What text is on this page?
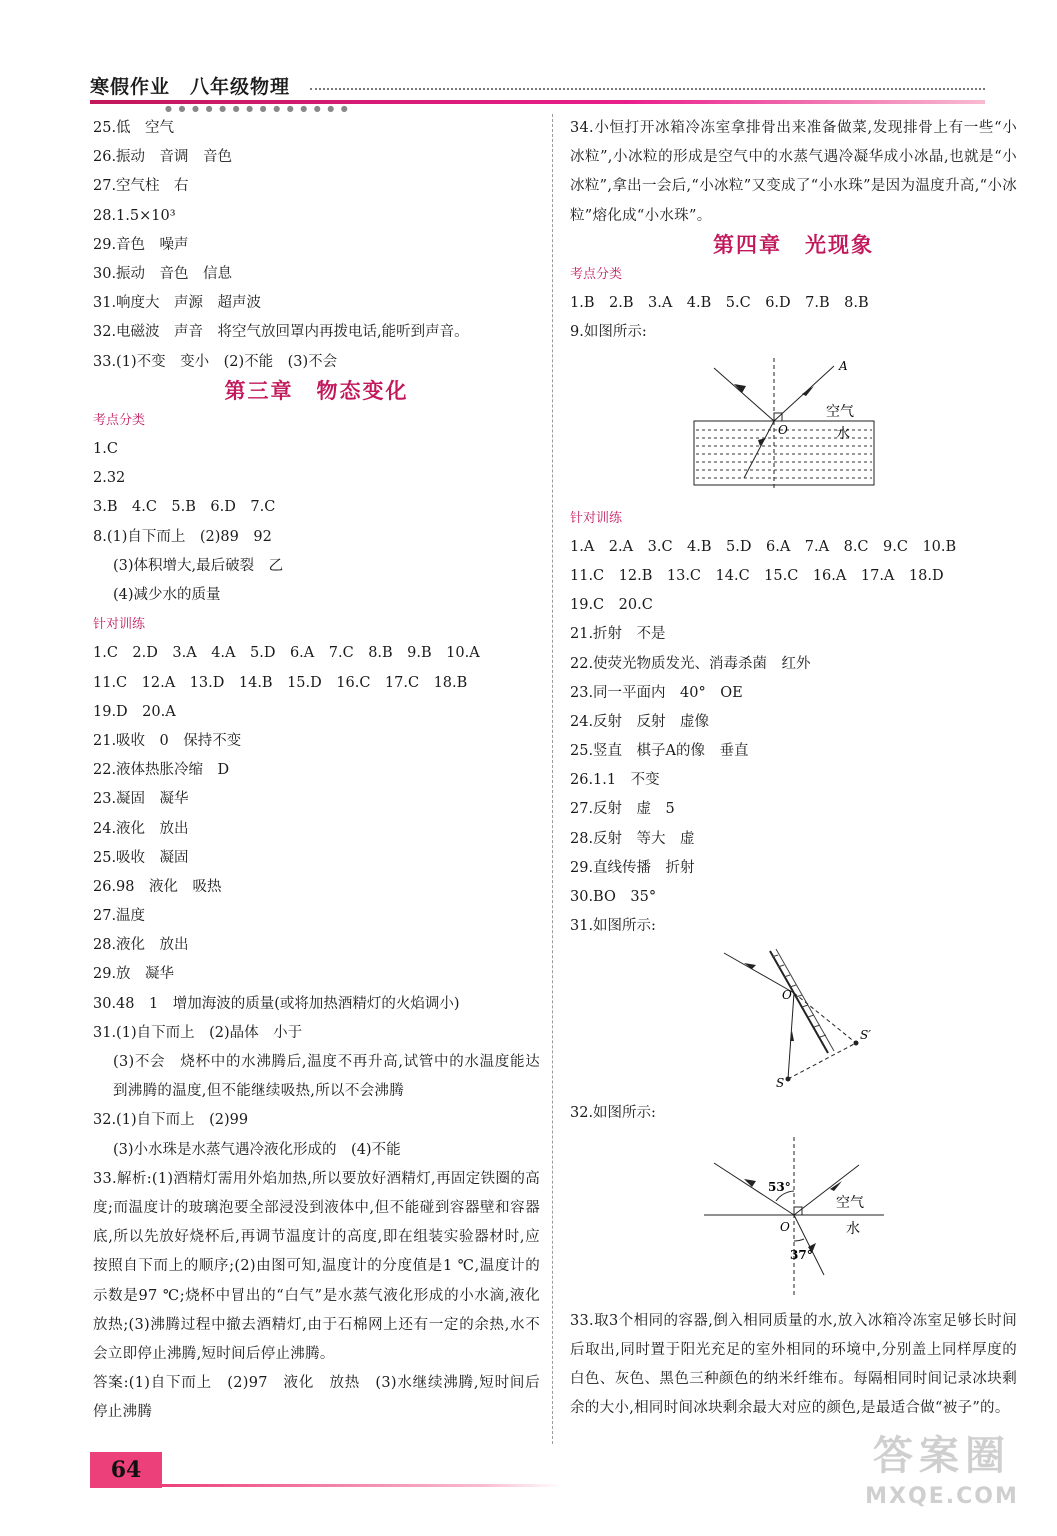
寒假作业　八年级物理
● ● ● ● ● ● ● ● ● ● ● ● ● ●
25.低　空气
26.振动　音调　音色
27.空气柱　右
28.1.5×10³
29.音色　噪声
30.振动　音色　信息
31.响度大　声源　超声波
32.电磁波　声音　将空气放回罩内再拨电话,能听到声音。
33.(1)不变　变小　(2)不能　(3)不会
第三章　物态变化
考点分类
1.C
2.32
3.B　4.C　5.B　6.D　7.C
8.(1)自下而上　(2)89　92
(3)体积增大,最后破裂　乙
(4)减少水的质量
针对训练
1.C　2.D　3.A　4.A　5.D　6.A　7.C　8.B　9.B　10.A
11.C　12.A　13.D　14.B　15.D　16.C　17.C　18.B
19.D　20.A
21.吸收　0　保持不变
22.液体热胀冷缩　D
23.凝固　凝华
24.液化　放出
25.吸收　凝固
26.98　液化　吸热
27.温度
28.液化　放出
29.放　凝华
30.48　1　增加海波的质量(或将加热酒精灯的火焰调小)
31.(1)自下而上　(2)晶体　小于
(3)不会　烧杯中的水沸腾后,温度不再升高,试管中的水温度能达到沸腾的温度,但不能继续吸热,所以不会沸腾
32.(1)自下而上　(2)99
(3)小水珠是水蒸气遇冷液化形成的　(4)不能
33.解析:(1)酒精灯需用外焰加热,所以要放好酒精灯,再固定铁圈的高度;而温度计的玻璃泡要全部浸没到液体中,但不能碰到容器壁和容器底,所以先放好烧杯后,再调节温度计的高度,即在组装实验器材时,应按照自下而上的顺序;(2)由图可知,温度计的分度值是1 ℃,温度计的示数是97 ℃;烧杯中冒出的“白气”是水蒸气液化形成的小水滴,液化放热;(3)沸腾过程中撤去酒精灯,由于石棉网上还有一定的余热,水不会立即停止沸腾,短时间后停止沸腾。
答案:(1)自下而上　(2)97　液化　放热　(3)水继续沸腾,短时间后停止沸腾
34.小恒打开冰箱冷冻室拿排骨出来准备做菜,发现排骨上有一些“小冰粒”,小冰粒的形成是空气中的水蒸气遇冷凝华成小冰晶,也就是“小冰粒”,拿出一会后,“小冰粒”又变成了“小水珠”是因为温度升高,“小冰粒”熔化成“小水珠”。
第四章　光现象
考点分类
1.B　2.B　3.A　4.B　5.C　6.D　7.B　8.B
9.如图所示:
A
O
空气
水
针对训练
1.A　2.A　3.C　4.B　5.D　6.A　7.A　8.C　9.C　10.B
11.C　12.B　13.C　14.C　15.C　16.A　17.A　18.D
19.C　20.C
21.折射　不是
22.使荧光物质发光、消毒杀菌　红外
23.同一平面内　40°　OE
24.反射　反射　虚像
25.竖直　棋子A的像　垂直
26.1.1　不变
27.反射　虚　5
28.反射　等大　虚
29.直线传播　折射
30.BO　35°
31.如图所示:
O
S
S′
32.如图所示:
53°
37°
O
空气
水
33.取3个相同的容器,倒入相同质量的水,放入冰箱冷冻室足够长时间后取出,同时置于阳光充足的室外相同的环境中,分别盖上同样厚度的白色、灰色、黑色三种颜色的纳米纤维布。每隔相同时间记录冰块剩余的大小,相同时间冰块剩余最大对应的颜色,是最适合做“被子”的。
64	答案圈
MXQE.COM
